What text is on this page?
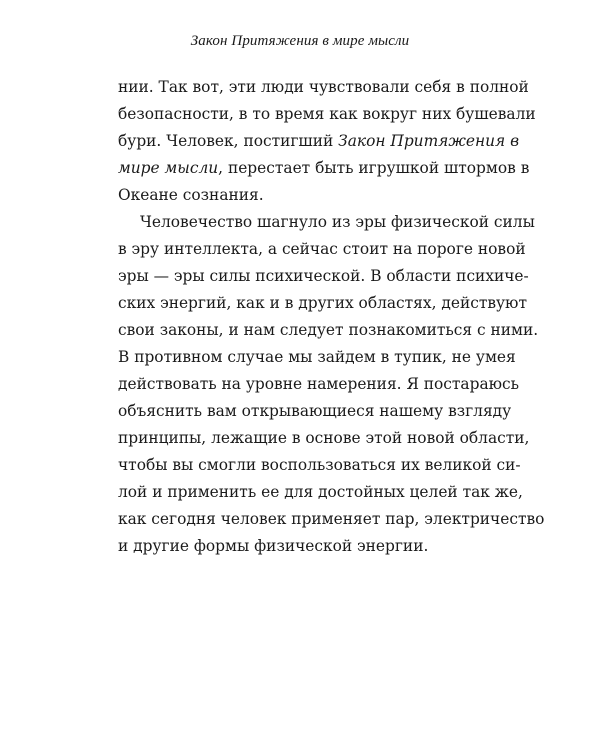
Закон Притяжения в мире мысли
нии. Так вот, эти люди чувствовали себя в полной
безопасности, в то время как вокруг них бушевали
бури. Человек, постигший Закон Притяжения в
мире мысли, перестает быть игрушкой штормов в
Океане сознания.
Человечество шагнуло из эры физической силы
в эру интеллекта, а сейчас стоит на пороге новой
эры — эры силы психической. В области психиче-
ских энергий, как и в других областях, действуют
свои законы, и нам следует познакомиться с ними.
В противном случае мы зайдем в тупик, не умея
действовать на уровне намерения. Я постараюсь
объяснить вам открывающиеся нашему взгляду
принципы, лежащие в основе этой новой области,
чтобы вы смогли воспользоваться их великой си-
лой и применить ее для достойных целей так же,
как сегодня человек применяет пар, электричество
и другие формы физической энергии.
